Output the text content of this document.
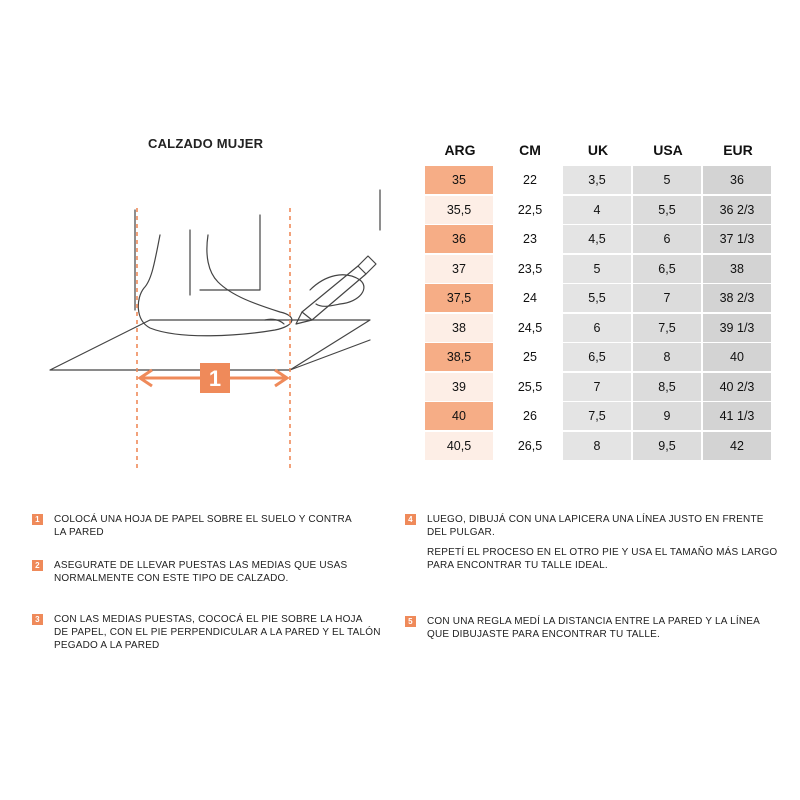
CALZADO MUJER
1
ARG	CM	UK	USA	EUR
35	22	3,5	5	36
35,5	22,5	4	5,5	36 2/3
36	23	4,5	6	37 1/3
37	23,5	5	6,5	38
37,5	24	5,5	7	38 2/3
38	24,5	6	7,5	39 1/3
38,5	25	6,5	8	40
39	25,5	7	8,5	40 2/3
40	26	7,5	9	41 1/3
40,5	26,5	8	9,5	42
1	COLOCÁ UNA HOJA DE PAPEL SOBRE EL SUELO Y CONTRA
LA PARED
2	ASEGURATE DE LLEVAR PUESTAS LAS MEDIAS QUE USAS
NORMALMENTE CON ESTE TIPO DE CALZADO.
3	CON LAS MEDIAS PUESTAS, COCOCÁ EL PIE SOBRE LA HOJA
DE PAPEL, CON EL PIE PERPENDICULAR A LA PARED Y EL TALÓN
PEGADO A LA PARED
4	LUEGO, DIBUJÁ CON UNA LAPICERA UNA LÍNEA JUSTO EN FRENTE
DEL PULGAR.
REPETÍ EL PROCESO EN EL OTRO PIE Y USA EL TAMAÑO MÁS LARGO
PARA ENCONTRAR TU TALLE IDEAL.
5	CON UNA REGLA MEDÍ LA DISTANCIA ENTRE LA PARED Y LA LÍNEA
QUE DIBUJASTE PARA ENCONTRAR TU TALLE.
